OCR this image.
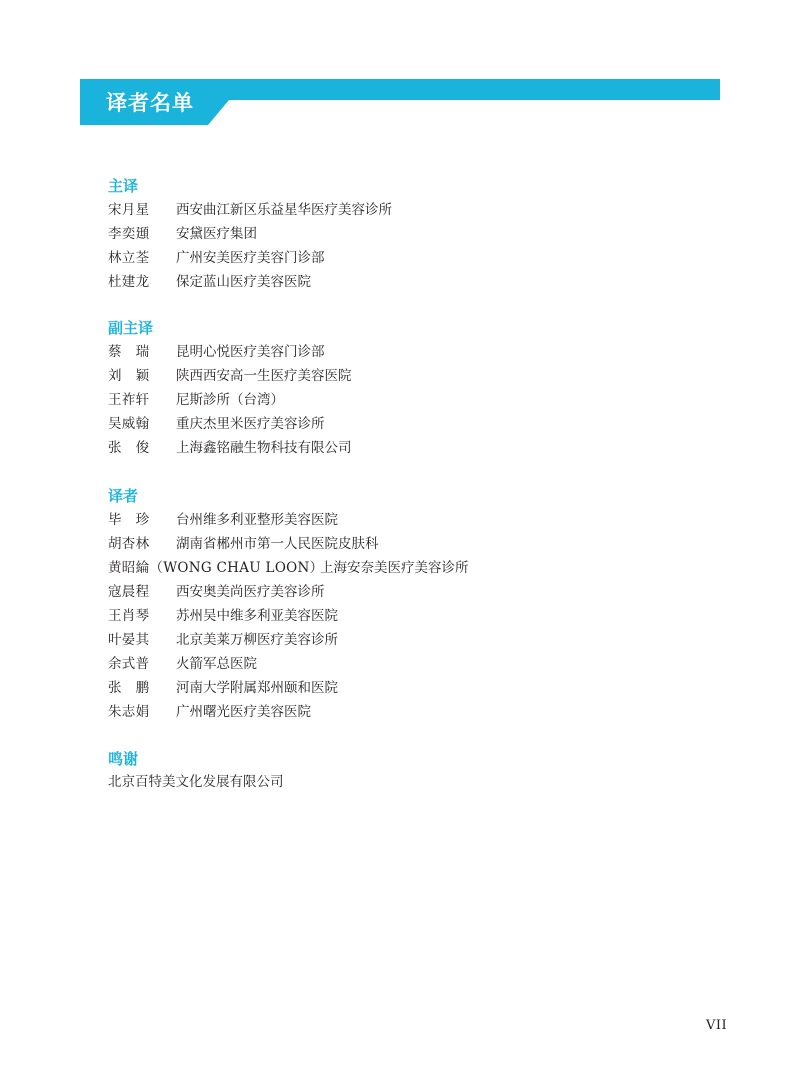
译者名单
主译
宋月星 西安曲江新区乐益星华医疗美容诊所
李奕頲 安黛医疗集团
林立荃 广州安美医疗美容门诊部
杜建龙 保定蓝山医疗美容医院
副主译
蔡　瑞 昆明心悦医疗美容门诊部
刘　颖 陕西西安高一生医疗美容医院
王祚轩 尼斯診所（台湾）
吴威翰 重庆杰里米医疗美容诊所
张　俊 上海鑫铭融生物科技有限公司
译者
毕　珍 台州维多利亚整形美容医院
胡杏林 湖南省郴州市第一人民医院皮肤科
黄昭綸（WONG CHAU LOON）
上海安奈美医疗美容诊所
寇晨程 西安奥美尚医疗美容诊所
王肖琴 苏州吴中维多利亚美容医院
叶晏其 北京美莱万柳医疗美容诊所
余式普 火箭军总医院
张　鹏 河南大学附属郑州颐和医院
朱志娟 广州曙光医疗美容医院
鸣谢
北京百特美文化发展有限公司
VII
